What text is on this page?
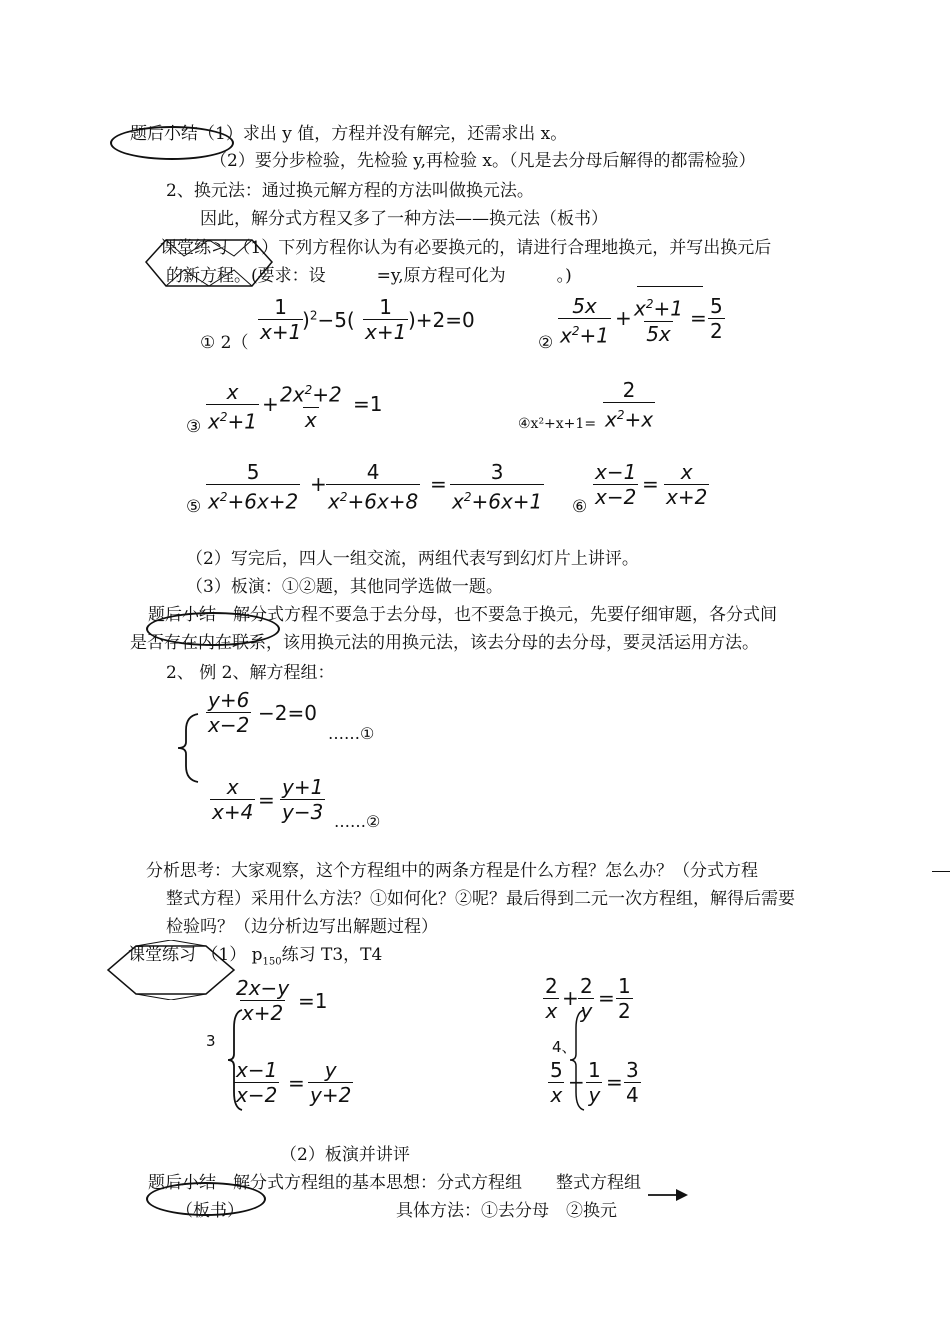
题后小结（1）求出 y 值，方程并没有解完，还需求出 x。
（2）要分步检验，先检验 y,再检验 x。（凡是去分母后解得的都需检验）
2、换元法：通过换元解方程的方法叫做换元法。
因此，解分式方程又多了一种方法——换元法（板书）
课堂练习 （1）下列方程你认为有必要换元的，请进行合理地换元，并写出换元后
的新方程。(要求：设　　　=y,原方程可化为　　　。)
① $2( \frac{1}{x+1}$
)$^2-5( \frac{1}{x+1} )+2=0$
② $\frac{5x}{x^2+1} + \frac{x^2+1}{5x} = \frac{5}{2}$
③ $\frac{x}{x^2+1} + \frac{2x^2+2}{x} =1$
④x²+x+1= $\frac{2}{x^2+x}$
⑤ $\frac{5}{x^2+6x+2} + \frac{4}{x^2+6x+8} = \frac{3}{x^2+6x+1}$ ⑥ $\frac{x-1}{x-2} = \frac{x}{x+2}$
（2）写完后，四人一组交流，两组代表写到幻灯片上讲评。
（3）板演：①②题，其他同学选做一题。
题后小结　解分式方程不要急于去分母，也不要急于换元，先要仔细审题，各分式间
是否存在内在联系，该用换元法的用换元法，该去分母的去分母，要灵活运用方法。
2、 例 2、解方程组：
$\frac{y+6}{x-2} -2=0$
……①
$\frac{x}{x+4} = \frac{y+1}{y-3}$ ……②
分析思考：大家观察，这个方程组中的两条方程是什么方程？怎么办？（分式方程
整式方程）采用什么方法？①如何化？②呢？最后得到二元一次方程组，解得后需要
检验吗？（边分析边写出解题过程）
课堂练习 （1） $p_{150}$练习 T3，T4
3
$\frac{2x-y}{x+2} =1$
$\frac{x-1}{x-2} = \frac{y}{y+2}$
4、
$\frac{2}{x} + \frac{2}{y} = \frac{1}{2}$
$\frac{5}{x} - \frac{1}{y} = \frac{3}{4}$
（2）板演并讲评
题后小结　解分式方程组的基本思想：分式方程组　　整式方程组
（板书）	具体方法：①去分母　②换元
